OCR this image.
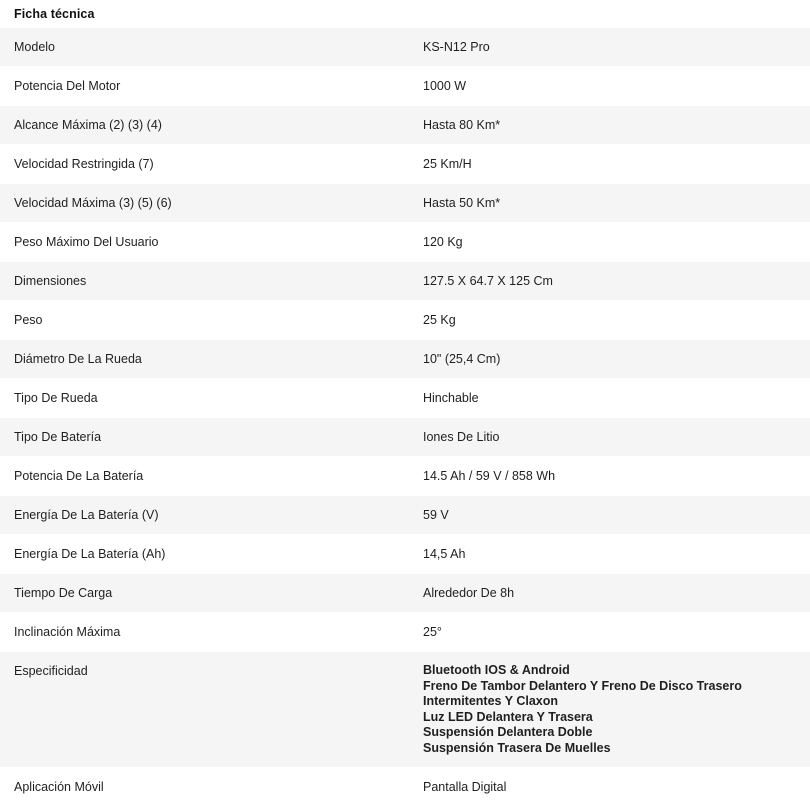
Ficha técnica
Modelo	KS-N12 Pro

Potencia Del Motor	1000 W

Alcance Máxima (2) (3) (4)	Hasta 80 Km*

Velocidad Restringida (7)	25 Km/H

Velocidad Máxima (3) (5) (6)	Hasta 50 Km*

Peso Máximo Del Usuario	120 Kg

Dimensiones	127.5 X 64.7 X 125 Cm

Peso	25 Kg

Diámetro De La Rueda	10" (25,4 Cm)

Tipo De Rueda	Hinchable

Tipo De Batería	Iones De Litio

Potencia De La Batería	14.5 Ah / 59 V / 858 Wh

Energía De La Batería (V)	59 V

Energía De La Batería (Ah)	14,5 Ah

Tiempo De Carga	Alrededor De 8h

Inclinación Máxima	25°

Especificidad	Bluetooth IOS & Android
Freno De Tambor Delantero Y Freno De Disco Trasero
Intermitentes Y Claxon
Luz LED Delantera Y Trasera
Suspensión Delantera Doble
Suspensión Trasera De Muelles

Aplicación Móvil	Pantalla Digital
